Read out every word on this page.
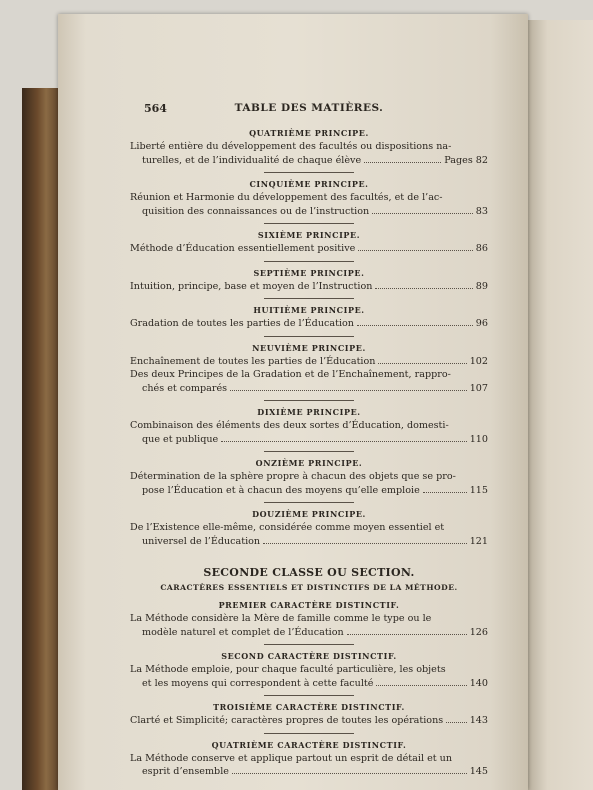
564	TABLE DES MATIÈRES.
QUATRIÈME PRINCIPE.
Liberté entière du développement des facultés ou dispositions na-
turelles, et de l’individualité de chaque élève	Pages 82
CINQUIÈME PRINCIPE.
Réunion et Harmonie du développement des facultés, et de l’ac-
quisition des connaissances ou de l’instruction	83
SIXIÈME PRINCIPE.
Méthode d’Éducation essentiellement positive	86
SEPTIÈME PRINCIPE.
Intuition, principe, base et moyen de l’Instruction	89
HUITIÈME PRINCIPE.
Gradation de toutes les parties de l’Éducation	96
NEUVIÈME PRINCIPE.
Enchaînement de toutes les parties de l’Éducation	102
Des deux Principes de la Gradation et de l’Enchaînement, rappro-
chés et comparés	107
DIXIÈME PRINCIPE.
Combinaison des éléments des deux sortes d’Éducation, domesti-
que et publique	110
ONZIÈME PRINCIPE.
Détermination de la sphère propre à chacun des objets que se pro-
pose l’Éducation et à chacun des moyens qu’elle emploie	115
DOUZIÈME PRINCIPE.
De l’Existence elle-même, considérée comme moyen essentiel et
universel de l’Éducation	121
SECONDE CLASSE OU SECTION.
CARACTÈRES ESSENTIELS ET DISTINCTIFS DE LA MÉTHODE.
PREMIER CARACTÈRE DISTINCTIF.
La Méthode considère la Mère de famille comme le type ou le
modèle naturel et complet de l’Éducation	126
SECOND CARACTÈRE DISTINCTIF.
La Méthode emploie, pour chaque faculté particulière, les objets
et les moyens qui correspondent à cette faculté	140
TROISIÈME CARACTÈRE DISTINCTIF.
Clarté et Simplicité; caractères propres de toutes les opérations	143
QUATRIÈME CARACTÈRE DISTINCTIF.
La Méthode conserve et applique partout un esprit de détail et un
esprit d’ensemble	145
